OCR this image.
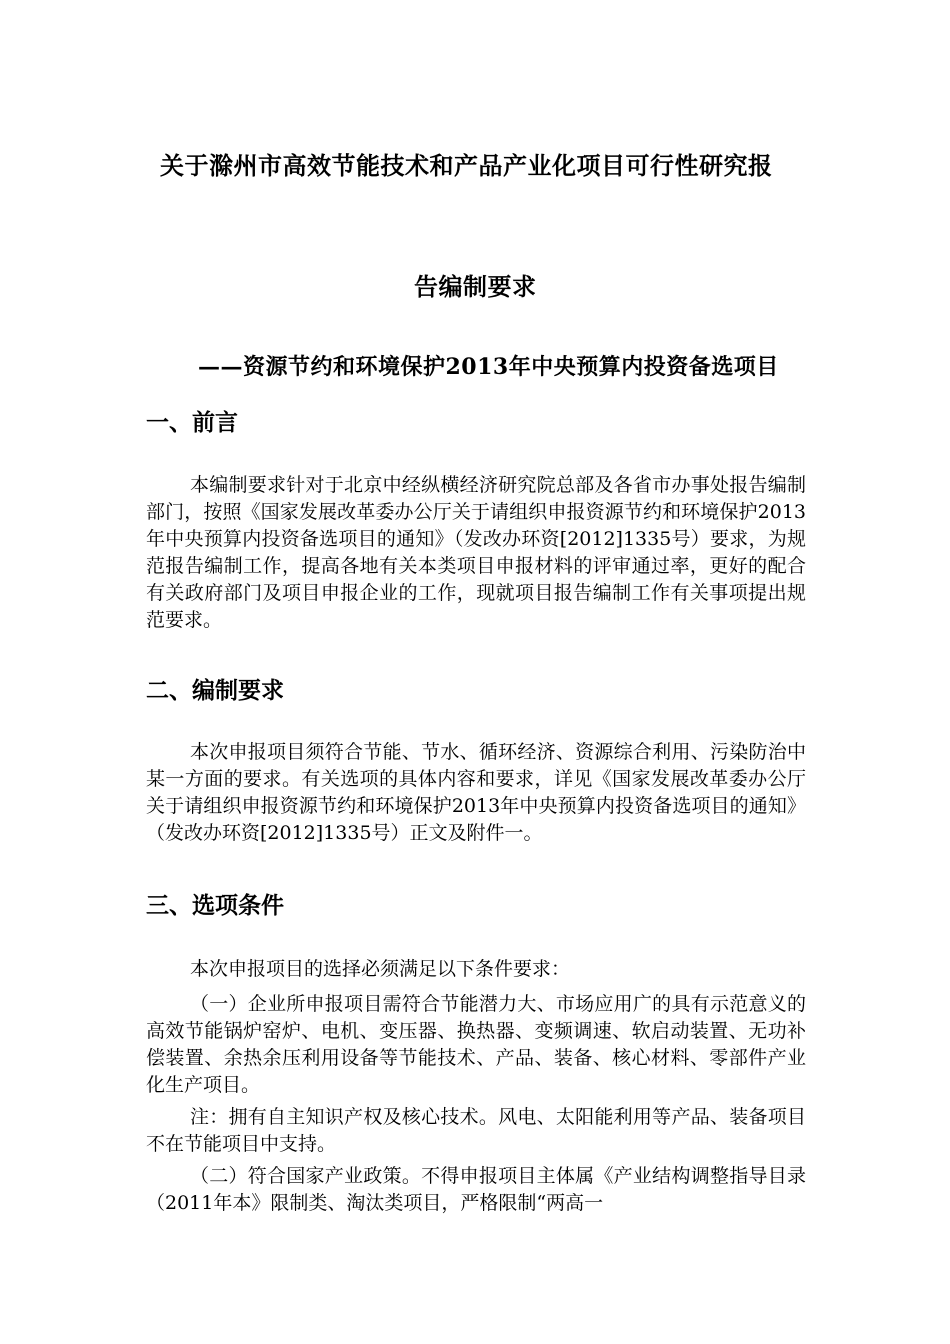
关于滁州市高效节能技术和产品产业化项目可行性研究报
告编制要求
——资源节约和环境保护2013年中央预算内投资备选项目
一、前言
本编制要求针对于北京中经纵横经济研究院总部及各省市办事处报告编制部门，按照《国家发展改革委办公厅关于请组织申报资源节约和环境保护2013年中央预算内投资备选项目的通知》（发改办环资[2012]1335号）要求，为规范报告编制工作，提高各地有关本类项目申报材料的评审通过率，更好的配合有关政府部门及项目申报企业的工作，现就项目报告编制工作有关事项提出规范要求。
二、编制要求
本次申报项目须符合节能、节水、循环经济、资源综合利用、污染防治中某一方面的要求。有关选项的具体内容和要求，详见《国家发展改革委办公厅关于请组织申报资源节约和环境保护2013年中央预算内投资备选项目的通知》（发改办环资[2012]1335号）正文及附件一。
三、选项条件
本次申报项目的选择必须满足以下条件要求：
（一）企业所申报项目需符合节能潜力大、市场应用广的具有示范意义的高效节能锅炉窑炉、电机、变压器、换热器、变频调速、软启动装置、无功补偿装置、余热余压利用设备等节能技术、产品、装备、核心材料、零部件产业化生产项目。
注：拥有自主知识产权及核心技术。风电、太阳能利用等产品、装备项目不在节能项目中支持。
（二）符合国家产业政策。不得申报项目主体属《产业结构调整指导目录（2011年本》限制类、淘汰类项目，严格限制“两高一
